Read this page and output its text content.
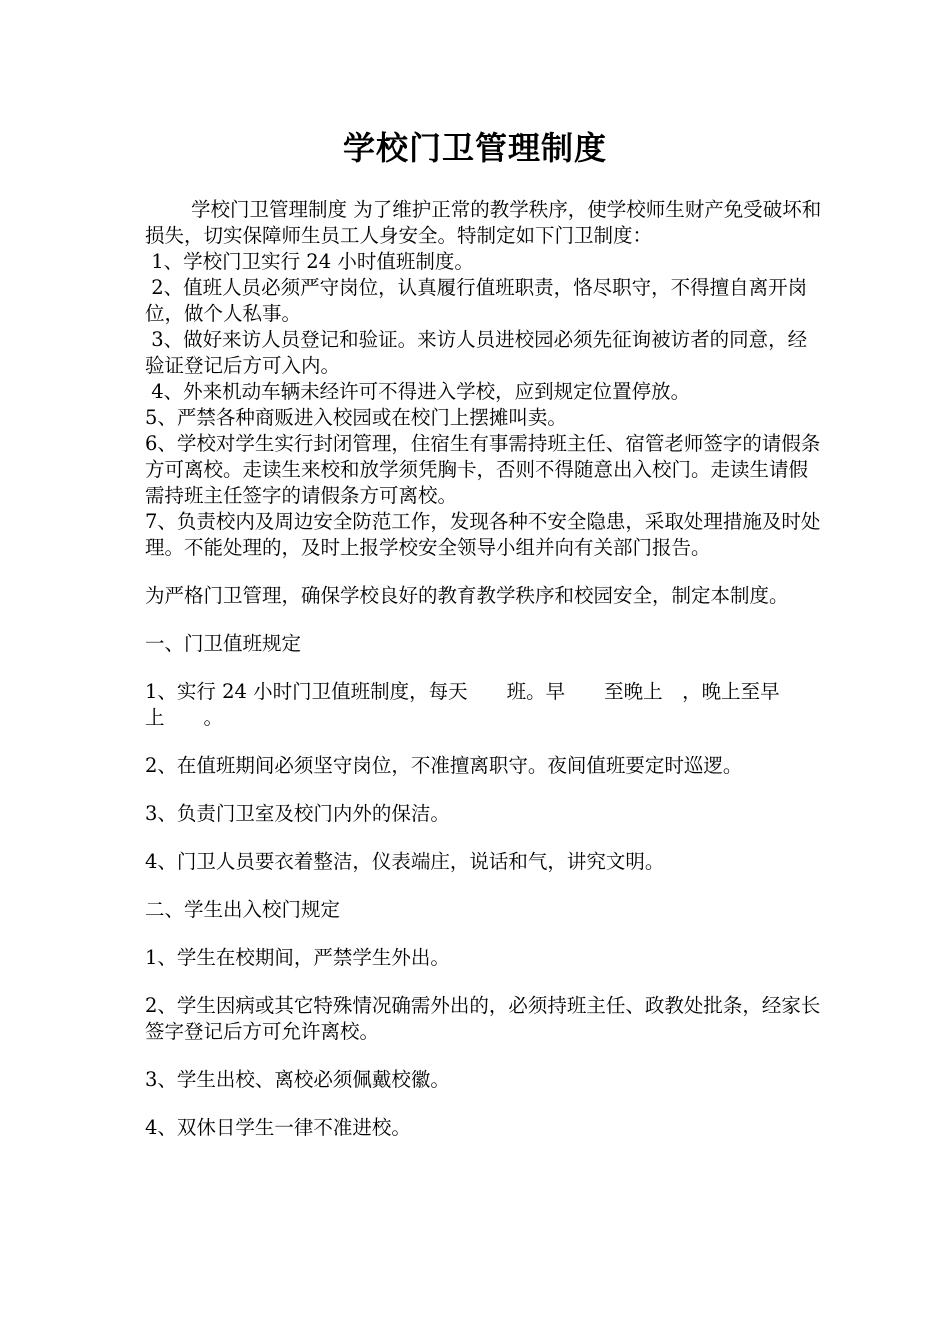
学校门卫管理制度

学校门卫管理制度 为了维护正常的教学秩序，使学校师生财产免受破坏和损失，切实保障师生员工人身安全。特制定如下门卫制度：

1、学校门卫实行 24 小时值班制度。

2、值班人员必须严守岗位，认真履行值班职责，恪尽职守，不得擅自离开岗位，做个人私事。

3、做好来访人员登记和验证。来访人员进校园必须先征询被访者的同意，经验证登记后方可入内。

4、外来机动车辆未经许可不得进入学校，应到规定位置停放。

5、严禁各种商贩进入校园或在校门上摆摊叫卖。

6、学校对学生实行封闭管理，住宿生有事需持班主任、宿管老师签字的请假条方可离校。走读生来校和放学须凭胸卡，否则不得随意出入校门。走读生请假需持班主任签字的请假条方可离校。

7、负责校内及周边安全防范工作，发现各种不安全隐患，采取处理措施及时处理。不能处理的，及时上报学校安全领导小组并向有关部门报告。

为严格门卫管理，确保学校良好的教育教学秩序和校园安全，制定本制度。

一、门卫值班规定

1、实行 24 小时门卫值班制度，每天　　班。早　　至晚上　，晚上至早上　　。

2、在值班期间必须坚守岗位，不准擅离职守。夜间值班要定时巡逻。

3、负责门卫室及校门内外的保洁。

4、门卫人员要衣着整洁，仪表端庄，说话和气，讲究文明。

二、学生出入校门规定

1、学生在校期间，严禁学生外出。

2、学生因病或其它特殊情况确需外出的，必须持班主任、政教处批条，经家长签字登记后方可允许离校。

3、学生出校、离校必须佩戴校徽。

4、双休日学生一律不准进校。
